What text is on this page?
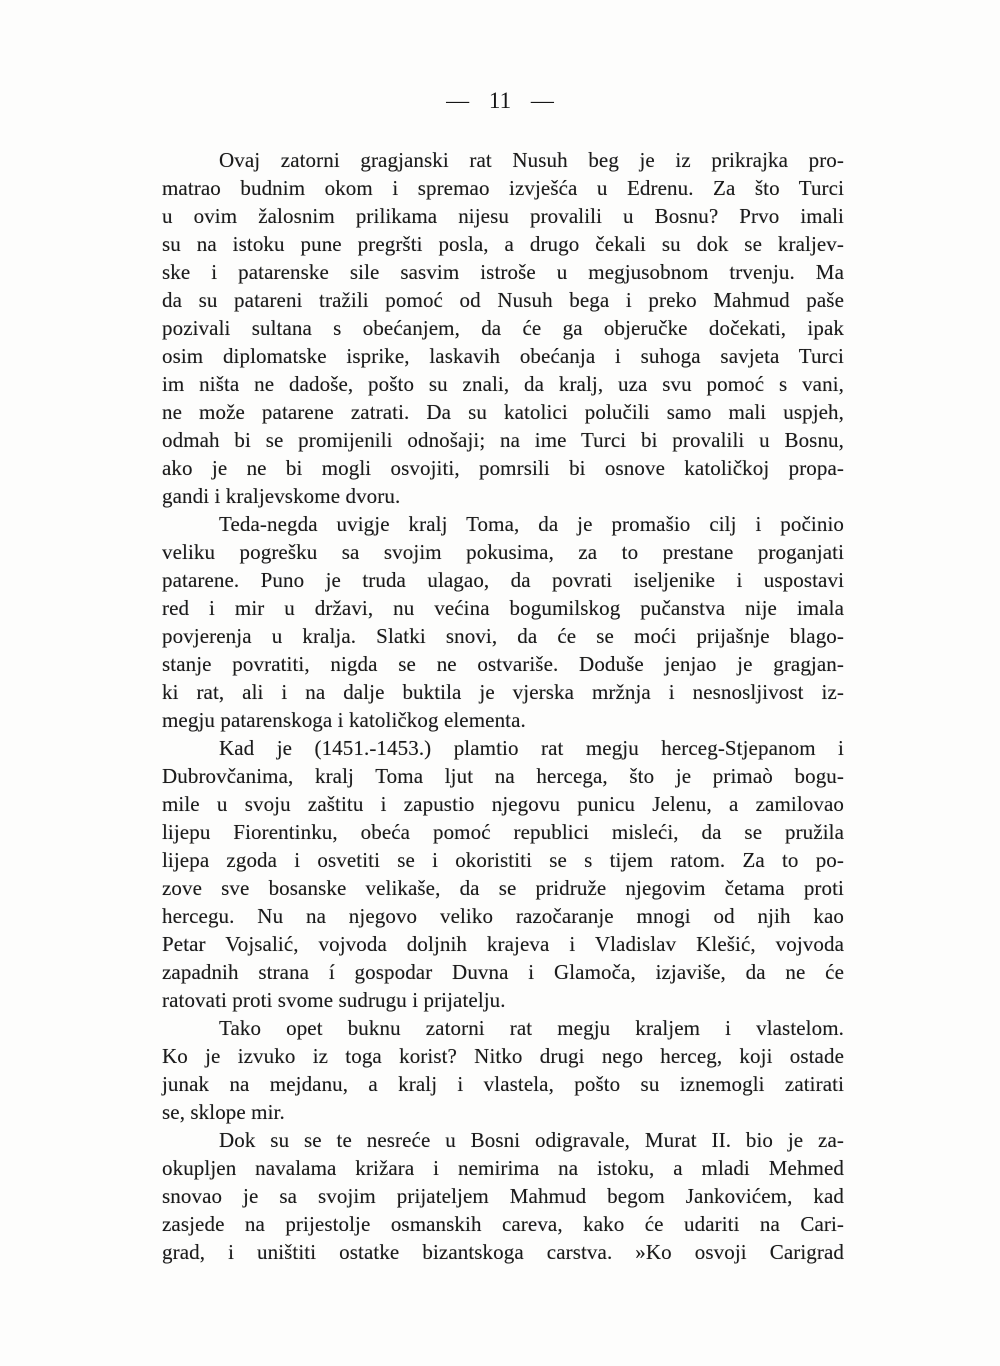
— 11 —
Ovaj zatorni gragjanski rat Nusuh beg je iz prikrajka pro-
matrao budnim okom i spremao izvješća u Edrenu. Za što Turci
u ovim žalosnim prilikama nijesu provalili u Bosnu? Prvo imali
su na istoku pune pregršti posla, a drugo čekali su dok se kraljev-
ske i patarenske sile sasvim istroše u megjusobnom trvenju. Ma
da su patareni tražili pomoć od Nusuh bega i preko Mahmud paše
pozivali sultana s obećanjem, da će ga objeručke dočekati, ipak
osim diplomatske isprike, laskavih obećanja i suhoga savjeta Turci
im ništa ne dadoše, pošto su znali, da kralj, uza svu pomoć s vani,
ne može patarene zatrati. Da su katolici polučili samo mali uspjeh,
odmah bi se promijenili odnošaji; na ime Turci bi provalili u Bosnu,
ako je ne bi mogli osvojiti, pomrsili bi osnove katoličkoj propa-
gandi i kraljevskome dvoru.
Teda-negda uvigje kralj Toma, da je promašio cilj i počinio
veliku pogrešku sa svojim pokusima, za to prestane proganjati
patarene. Puno je truda ulagao, da povrati iseljenike i uspostavi
red i mir u državi, nu većina bogumilskog pučanstva nije imala
povjerenja u kralja. Slatki snovi, da će se moći prijašnje blago-
stanje povratiti, nigda se ne ostvariše. Doduše jenjao je gragjan-
ki rat, ali i na dalje buktila je vjerska mržnja i nesnosljivost iz-
megju patarenskoga i katoličkog elementa.
Kad je (1451.-1453.) plamtio rat megju herceg-Stjepanom i
Dubrovčanima, kralj Toma ljut na hercega, što je primaò bogu-
mile u svoju zaštitu i zapustio njegovu punicu Jelenu, a zamilovao
lijepu Fiorentinku, obeća pomoć republici misleći, da se pružila
lijepa zgoda i osvetiti se i okoristiti se s tijem ratom. Za to po-
zove sve bosanske velikaše, da se pridruže njegovim četama proti
hercegu. Nu na njegovo veliko razočaranje mnogi od njih kao
Petar Vojsalić, vojvoda doljnih krajeva i Vladislav Klešić, vojvoda
zapadnih strana í gospodar Duvna i Glamoča, izjaviše, da ne će
ratovati proti svome sudrugu i prijatelju.
Tako opet buknu zatorni rat megju kraljem i vlastelom.
Ko je izvuko iz toga korist? Nitko drugi nego herceg, koji ostade
junak na mejdanu, a kralj i vlastela, pošto su iznemogli zatirati
se, sklope mir.
Dok su se te nesreće u Bosni odigravale, Murat II. bio je za-
okupljen navalama križara i nemirima na istoku, a mladi Mehmed
snovao je sa svojim prijateljem Mahmud begom Jankovićem, kad
zasjede na prijestolje osmanskih careva, kako će udariti na Cari-
grad, i uništiti ostatke bizantskoga carstva. »Ko osvoji Carigrad
